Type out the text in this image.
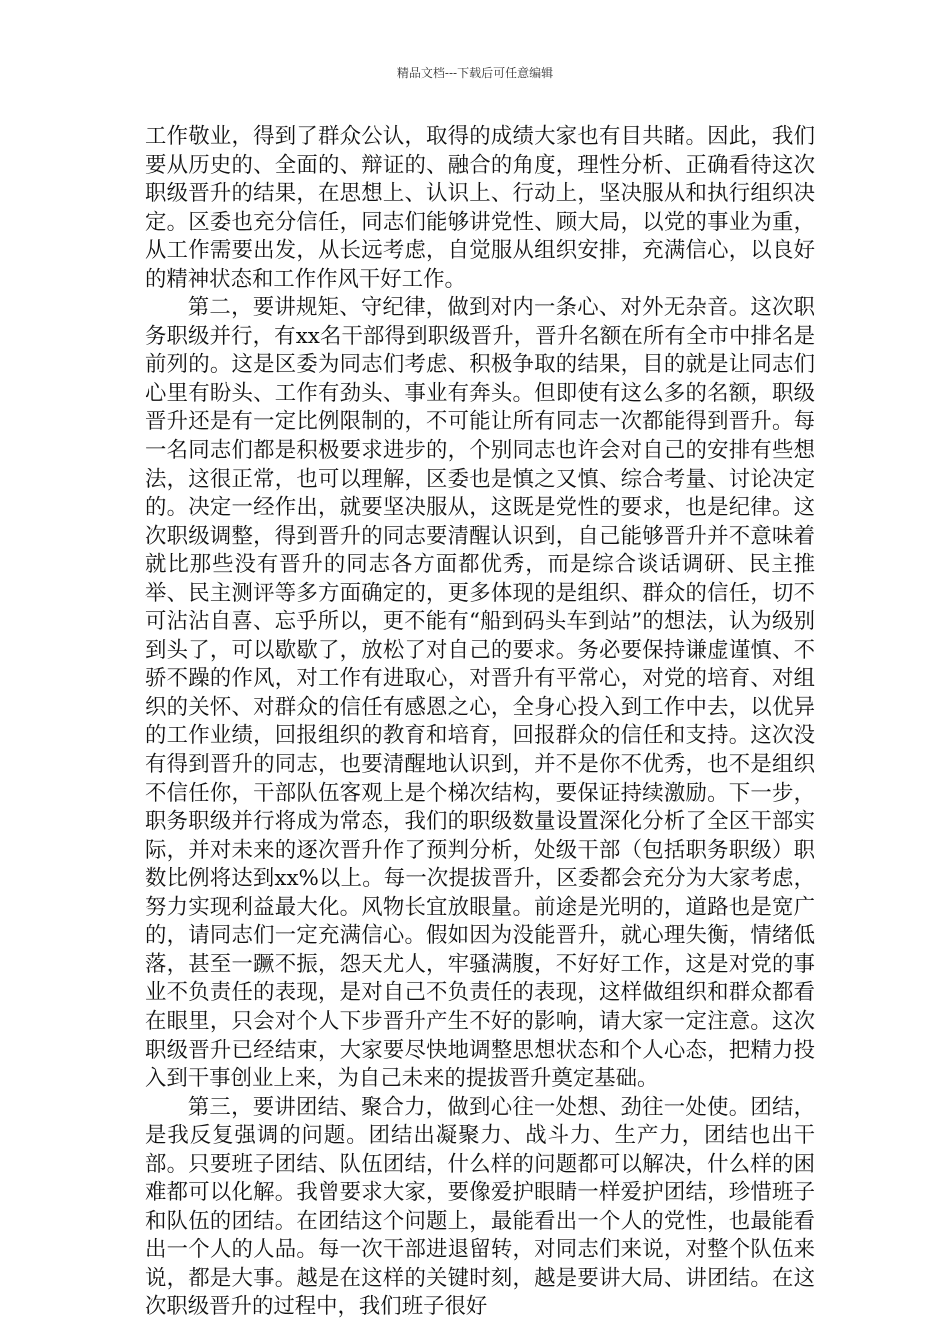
精品文档---下载后可任意编辑

工作敬业，得到了群众公认，取得的成绩大家也有目共睹。因此，我们要从历史的、全面的、辩证的、融合的角度，理性分析、正确看待这次职级晋升的结果，在思想上、认识上、行动上，坚决服从和执行组织决定。区委也充分信任，同志们能够讲党性、顾大局，以党的事业为重，从工作需要出发，从长远考虑，自觉服从组织安排，充满信心，以良好的精神状态和工作作风干好工作。

第二，要讲规矩、守纪律，做到对内一条心、对外无杂音。这次职务职级并行，有xx名干部得到职级晋升，晋升名额在所有全市中排名是前列的。这是区委为同志们考虑、积极争取的结果，目的就是让同志们心里有盼头、工作有劲头、事业有奔头。但即使有这么多的名额，职级晋升还是有一定比例限制的，不可能让所有同志一次都能得到晋升。每一名同志们都是积极要求进步的，个别同志也许会对自己的安排有些想法，这很正常，也可以理解，区委也是慎之又慎、综合考量、讨论决定的。决定一经作出，就要坚决服从，这既是党性的要求，也是纪律。这次职级调整，得到晋升的同志要清醒认识到，自己能够晋升并不意味着就比那些没有晋升的同志各方面都优秀，而是综合谈话调研、民主推举、民主测评等多方面确定的，更多体现的是组织、群众的信任，切不可沾沾自喜、忘乎所以，更不能有“船到码头车到站”的想法，认为级别到头了，可以歇歇了，放松了对自己的要求。务必要保持谦虚谨慎、不骄不躁的作风，对工作有进取心，对晋升有平常心，对党的培育、对组织的关怀、对群众的信任有感恩之心，全身心投入到工作中去，以优异的工作业绩，回报组织的教育和培育，回报群众的信任和支持。这次没有得到晋升的同志，也要清醒地认识到，并不是你不优秀，也不是组织不信任你，干部队伍客观上是个梯次结构，要保证持续激励。下一步，职务职级并行将成为常态，我们的职级数量设置深化分析了全区干部实际，并对未来的逐次晋升作了预判分析，处级干部（包括职务职级）职数比例将达到xx%以上。每一次提拔晋升，区委都会充分为大家考虑，努力实现利益最大化。风物长宜放眼量。前途是光明的，道路也是宽广的，请同志们一定充满信心。假如因为没能晋升，就心理失衡，情绪低落，甚至一蹶不振，怨天尤人，牢骚满腹，不好好工作，这是对党的事业不负责任的表现，是对自己不负责任的表现，这样做组织和群众都看在眼里，只会对个人下步晋升产生不好的影响，请大家一定注意。这次职级晋升已经结束，大家要尽快地调整思想状态和个人心态，把精力投入到干事创业上来，为自己未来的提拔晋升奠定基础。

第三，要讲团结、聚合力，做到心往一处想、劲往一处使。团结，是我反复强调的问题。团结出凝聚力、战斗力、生产力，团结也出干部。只要班子团结、队伍团结，什么样的问题都可以解决，什么样的困难都可以化解。我曾要求大家，要像爱护眼睛一样爱护团结，珍惜班子和队伍的团结。在团结这个问题上，最能看出一个人的党性，也最能看出一个人的人品。每一次干部进退留转，对同志们来说，对整个队伍来说，都是大事。越是在这样的关键时刻，越是要讲大局、讲团结。在这次职级晋升的过程中，我们班子很好
